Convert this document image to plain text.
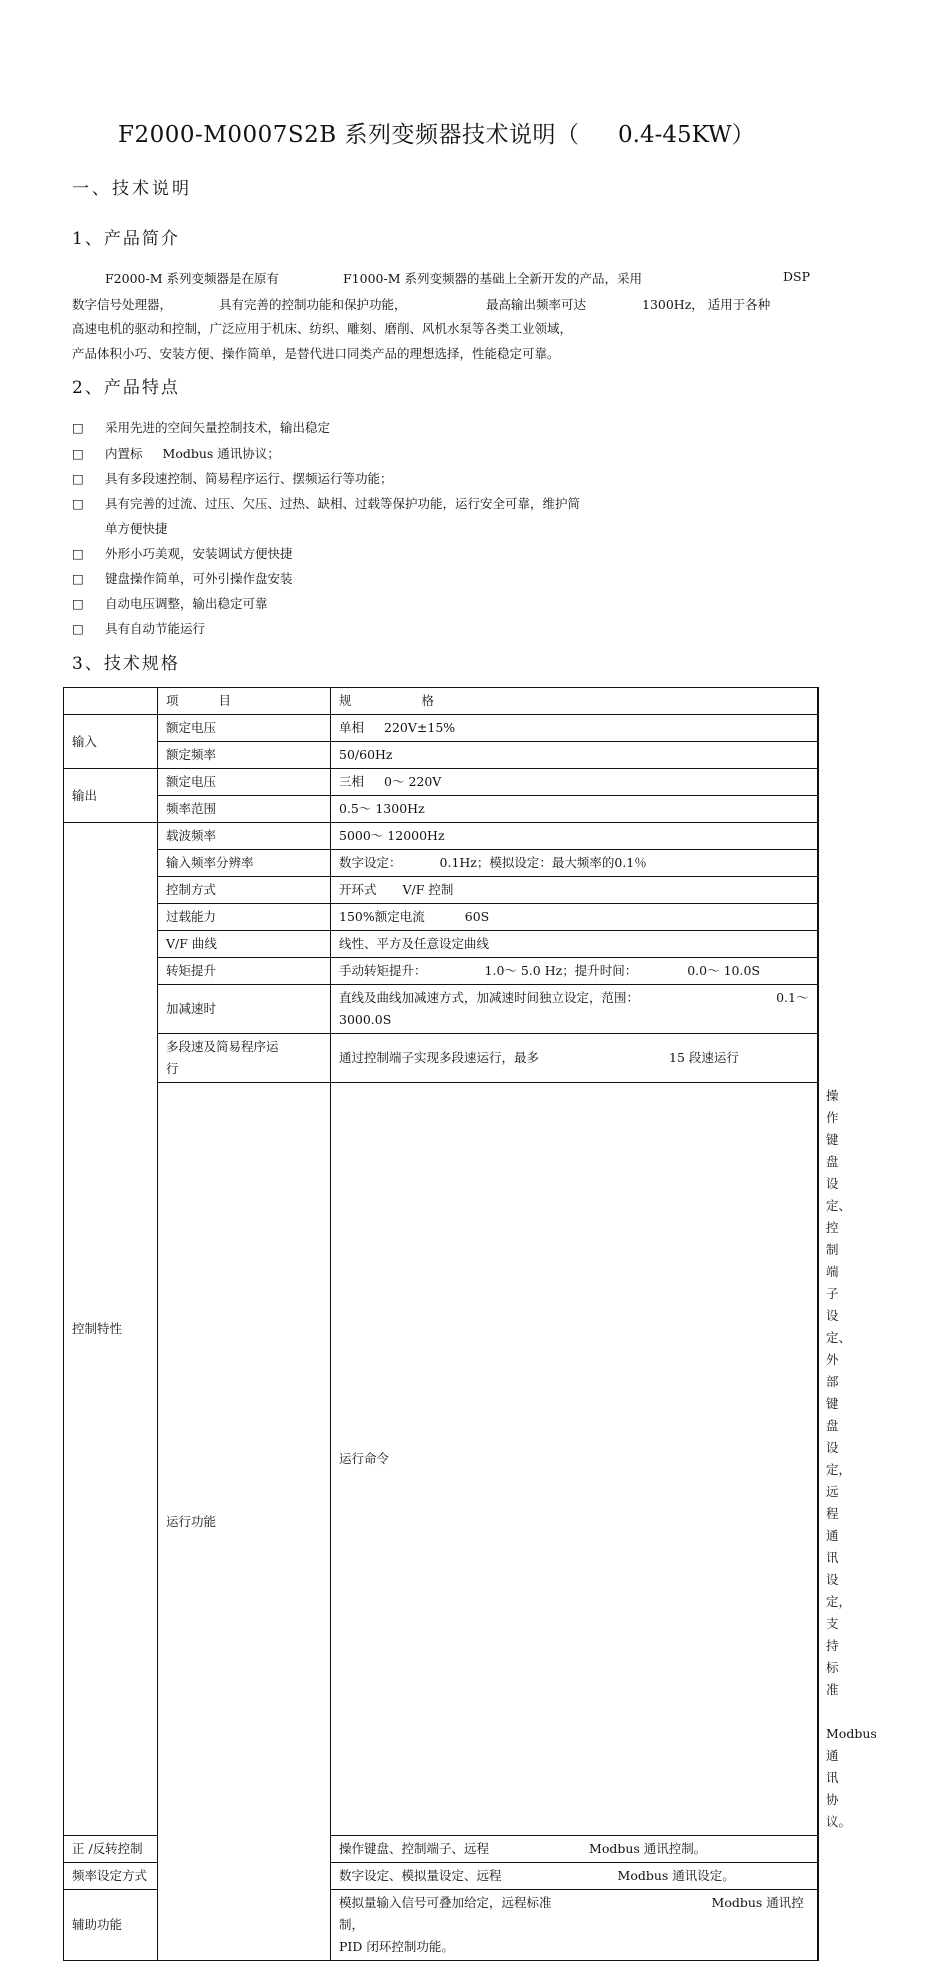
F2000-M0007S2B 系列变频器技术说明（ 0.4-45KW）
一、技术说明
1、产品简介
F2000-M 系列变频器是在原有	F1000-M 系列变频器的基础上全新开发的产品，采用	DSP
数字信号处理器，	具有完善的控制功能和保护功能，	最高输出频率可达	1300Hz， 适用于各种
高速电机的驱动和控制，广泛应用于机床、纺织、雕刻、磨削、风机水泵等各类工业领域，
产品体积小巧、安装方便、操作简单，是替代进口同类产品的理想选择，性能稳定可靠。
2、产品特点
□ 采用先进的空间矢量控制技术，输出稳定
□ 内置标 Modbus 通讯协议；
□ 具有多段速控制、简易程序运行、摆频运行等功能；
□ 具有完善的过流、过压、欠压、过热、缺相、过载等保护功能，运行安全可靠，维护简
单方便快捷
□ 外形小巧美观，安装调试方便快捷
□ 键盘操作简单，可外引操作盘安装
□ 自动电压调整，输出稳定可靠
□ 具有自动节能运行
3、技术规格
	项 目	规 格	
输入	额定电压	单相 220V±15%	
	额定频率	50/60Hz	
输出	额定电压	三相 0～ 220V	
	频率范围	0.5～ 1300Hz	
控制特性	载波频率	5000～ 12000Hz	
	输入频率分辨率	数字设定： 0.1Hz；模拟设定：最大频率的0.1％	
	控制方式	开环式 V/F 控制	
	过载能力	150%额定电流 60S	
	V/F 曲线	线性、平方及任意设定曲线	
	转矩提升	手动转矩提升： 1.0～ 5.0 Hz；提升时间： 0.0～ 10.0S	
	加减速时	直线及曲线加减速方式，加减速时间独立设定，范围： 0.1～
3000.0S	

	多段速及简易程序运
行	通过控制端子实现多段速运行，最多 15 段速运行	
	运行功能	运行命令	操作键盘设定、控制端子设定、外部键盘设定，远程通讯设
定，支持标准Modbus 通讯协议。

正 /反转控制		操作键盘、控制端子、远程 Modbus 通讯控制。	
频率设定方式		数字设定、模拟量设定、远程 Modbus 通讯设定。	
辅助功能		模拟量输入信号可叠加给定，远程标准 Modbus 通讯控制，
PID 闭环控制功能。	
